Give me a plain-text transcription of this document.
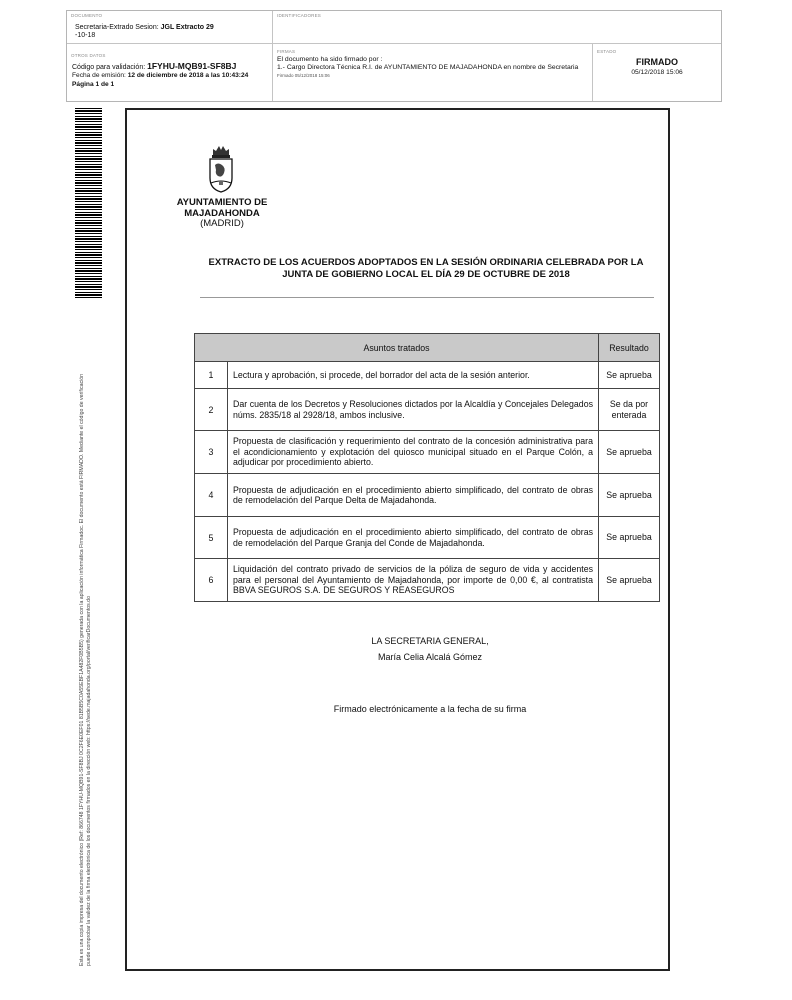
DOCUMENTO
Secretaria-Extrado Sesion: JGL Extracto 29
-10-18
IDENTIFICADORES
OTROS DATOS
Código para validación: 1FYHU-MQB91-SF8BJ
Fecha de emisión: 12 de diciembre de 2018 a las 10:43:24
Página 1 de 1
FIRMAS
El documento ha sido firmado por :
1.- Cargo Directora Técnica R.I. de AYUNTAMIENTO DE MAJADAHONDA en nombre de Secretaria
Firmado 05/12/2018 15:06
ESTADO
FIRMADO
05/12/2018 15:06
Esta es una copia impresa del documento electrónico (Ref: 866748 1FYHU-MQB91-SF8BJ 0C2F6E0EF01 81B5B5C0A55EBF1A482F0B5B5) generada con la aplicación informática Firmadoc. El documento está FIRMADO. Mediante el código de verificación puede comprobar la validez de la firma electrónica de los documentos firmados en la dirección web: https://sede.majadahonda.org/portal/verificarDocumentos.do
AYUNTAMIENTO DE
MAJADAHONDA
(MADRID)
EXTRACTO DE LOS ACUERDOS ADOPTADOS EN LA SESIÓN ORDINARIA CELEBRADA POR LA
JUNTA DE GOBIERNO LOCAL EL DÍA 29 DE OCTUBRE DE 2018
Asuntos tratados		Resultado
1	Lectura y aprobación, si procede, del borrador del acta de la sesión anterior.	Se aprueba
2	Dar cuenta de los Decretos y Resoluciones dictados por la Alcaldía y Concejales Delegados núms. 2835/18 al 2928/18, ambos inclusive.	Se da por enterada
3	Propuesta de clasificación y requerimiento del contrato de la concesión administrativa para el acondicionamiento y explotación del quiosco municipal situado en el Parque Colón, a adjudicar por procedimiento abierto.	Se aprueba
4	Propuesta de adjudicación en el procedimiento abierto simplificado, del contrato de obras de remodelación del Parque Delta de Majadahonda.	Se aprueba
5	Propuesta de adjudicación en el procedimiento abierto simplificado, del contrato de obras de remodelación del Parque Granja del Conde de Majadahonda.	Se aprueba
6	Liquidación del contrato privado de servicios de la póliza de seguro de vida y accidentes para el personal del Ayuntamiento de Majadahonda, por importe de 0,00 €, al contratista BBVA SEGUROS S.A. DE SEGUROS Y REASEGUROS	Se aprueba
LA SECRETARIA GENERAL,
María Celia Alcalá Gómez
Firmado electrónicamente a la fecha de su firma
